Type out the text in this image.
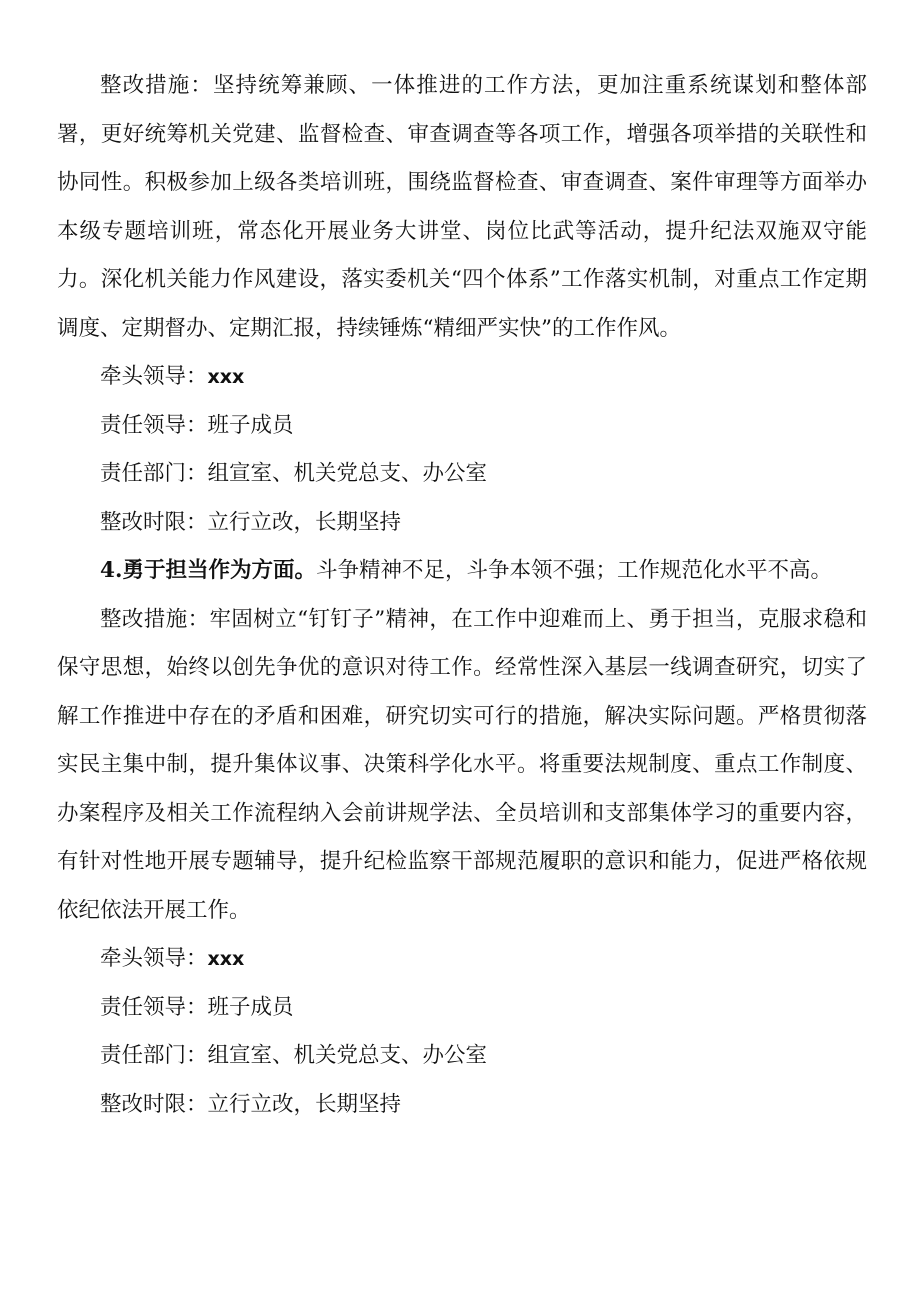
整改措施：坚持统筹兼顾、一体推进的工作方法，更加注重系统谋划和整体部署，更好统筹机关党建、监督检查、审查调查等各项工作，增强各项举措的关联性和协同性。积极参加上级各类培训班，围绕监督检查、审查调查、案件审理等方面举办本级专题培训班，常态化开展业务大讲堂、岗位比武等活动，提升纪法双施双守能力。深化机关能力作风建设，落实委机关“四个体系”工作落实机制，对重点工作定期调度、定期督办、定期汇报，持续锤炼“精细严实快”的工作作风。

牵头领导：xxx

责任领导：班子成员

责任部门：组宣室、机关党总支、办公室

整改时限：立行立改，长期坚持

4.勇于担当作为方面。斗争精神不足，斗争本领不强；工作规范化水平不高。

整改措施：牢固树立“钉钉子”精神，在工作中迎难而上、勇于担当，克服求稳和保守思想，始终以创先争优的意识对待工作。经常性深入基层一线调查研究，切实了解工作推进中存在的矛盾和困难，研究切实可行的措施，解决实际问题。严格贯彻落实民主集中制，提升集体议事、决策科学化水平。将重要法规制度、重点工作制度、办案程序及相关工作流程纳入会前讲规学法、全员培训和支部集体学习的重要内容，有针对性地开展专题辅导，提升纪检监察干部规范履职的意识和能力，促进严格依规依纪依法开展工作。

牵头领导：xxx

责任领导：班子成员

责任部门：组宣室、机关党总支、办公室

整改时限：立行立改，长期坚持
